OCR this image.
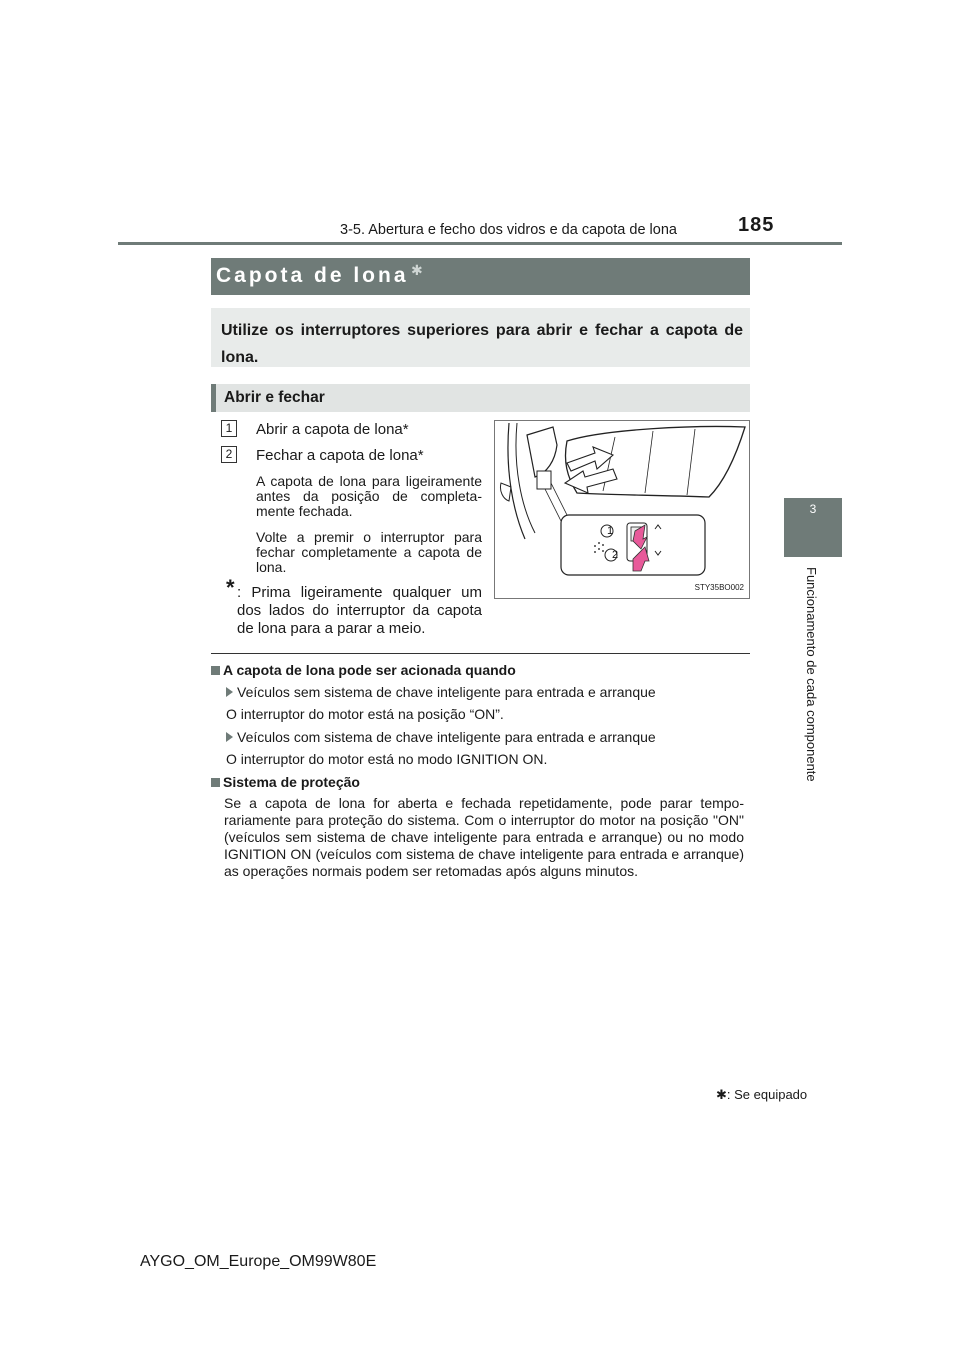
3-5. Abertura e fecho dos vidros e da capota de lona	185
3
Funcionamento de cada componente
Capota de lona ✱
Utilize os interruptores superiores para abrir e fechar a capota de lona.
Abrir e fechar
1	Abrir a capota de lona*
2	Fechar a capota de lona*
A capota de lona para ligeiramente antes da posição de completa-mente fechada.
Volte a premir o interruptor para fechar completamente a capota de lona.
* : Prima ligeiramente qualquer um dos lados do interruptor da capota de lona para a parar a meio.
1
2
STY35BO002
A capota de lona pode ser acionada quando
Veículos sem sistema de chave inteligente para entrada e arranque
O interruptor do motor está na posição “ON”.
Veículos com sistema de chave inteligente para entrada e arranque
O interruptor do motor está no modo IGNITION ON.
Sistema de proteção
Se a capota de lona for aberta e fechada repetidamente, pode parar tempo-rariamente para proteção do sistema. Com o interruptor do motor na posição "ON" (veículos sem sistema de chave inteligente para entrada e arranque) ou no modo IGNITION ON (veículos com sistema de chave inteligente para entrada e arranque) as operações normais podem ser retomadas após alguns minutos.
✱: Se equipado
AYGO_OM_Europe_OM99W80E
